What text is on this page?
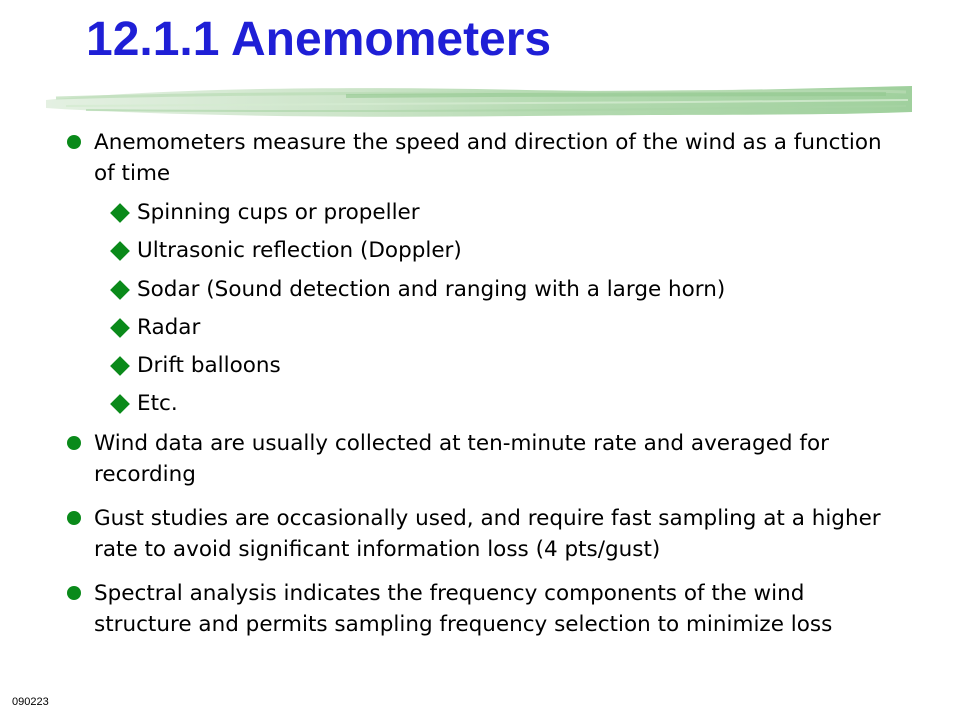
12.1.1 Anemometers
Anemometers measure the speed and direction of the wind as a function of time
Spinning cups or propeller
Ultrasonic reflection (Doppler)
Sodar (Sound detection and ranging with a large horn)
Radar
Drift balloons
Etc.
Wind data are usually collected at ten-minute rate and averaged for recording
Gust studies are occasionally used, and require fast sampling at a higher rate to avoid significant information loss (4 pts/gust)
Spectral analysis indicates the frequency components of the wind structure and permits sampling frequency selection to minimize loss
090223
